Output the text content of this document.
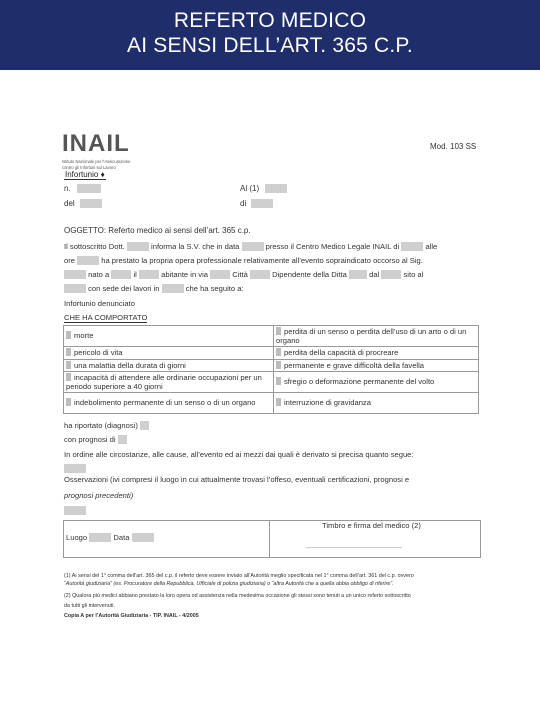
REFERTO MEDICO
AI SENSI DELL’ART. 365 C.P.
INAIL
Istituto Nazionale per l’Assicurazione
contro gli Infortuni sul Lavoro
Mod. 103 SS
Infortunio ♦
n.	Al (1)
del	di
OGGETTO: Referto medico ai sensi dell’art. 365 c.p.
Il sottoscritto Dott.	informa la S.V. che in data	presso il Centro Medico Legale INAIL di	alle
ore	ha prestato la propria opera professionale relativamente all’evento sopraindicato occorso al Sig.
nato a	il	abitante in via	Città	Dipendente della Ditta	dal	sito al
con sede dei lavori in	che ha seguito a:
Infortunio denunciato
CHE HA COMPORTATO
morte	perdita di un senso o perdita dell’uso di un arto o di un organo
pericolo di vita	perdita della capacità di procreare
una malattia della durata di giorni	permanente e grave difficoltà della favella
incapacità di attendere alle ordinarie occupazioni per un periodo superiore a 40 giorni	sfregio o deformazione permanente del volto
indebolimento permanente di un senso o di un organo	interruzione di gravidanza
ha riportato (diagnosi)
con prognosi di
In ordine alle circostanze, alle cause, all’evento ed ai mezzi dai quali è derivato si precisa quanto segue:
Osservazioni (ivi compresi il luogo in cui attualmente trovasi l’offeso, eventuali certificazioni, prognosi e
prognosi precedenti)
Luogo	Data
Timbro e firma del medico (2)
------------------------------------------------
(1) Ai sensi del 1° comma dell’art. 365 del c.p. il referto deve essere inviato all’Autorità meglio specificata nel 1° comma dell’art. 361 del c.p. ovvero
“Autorità giudiziaria” (es. Procuratore della Repubblica, Ufficiale di polizia giudiziaria) o “altra Autorità che a quella abbia obbligo di riferire”.
(2) Qualora più medici abbiano prestato la loro opera od assistenza nella medesima occasione gli stessi sono tenuti a un unico referto sottoscritto
da tutti gli intervenuti.
Copia A per l’Autorità Giudiziaria - TIP. INAIL - 4/2005
